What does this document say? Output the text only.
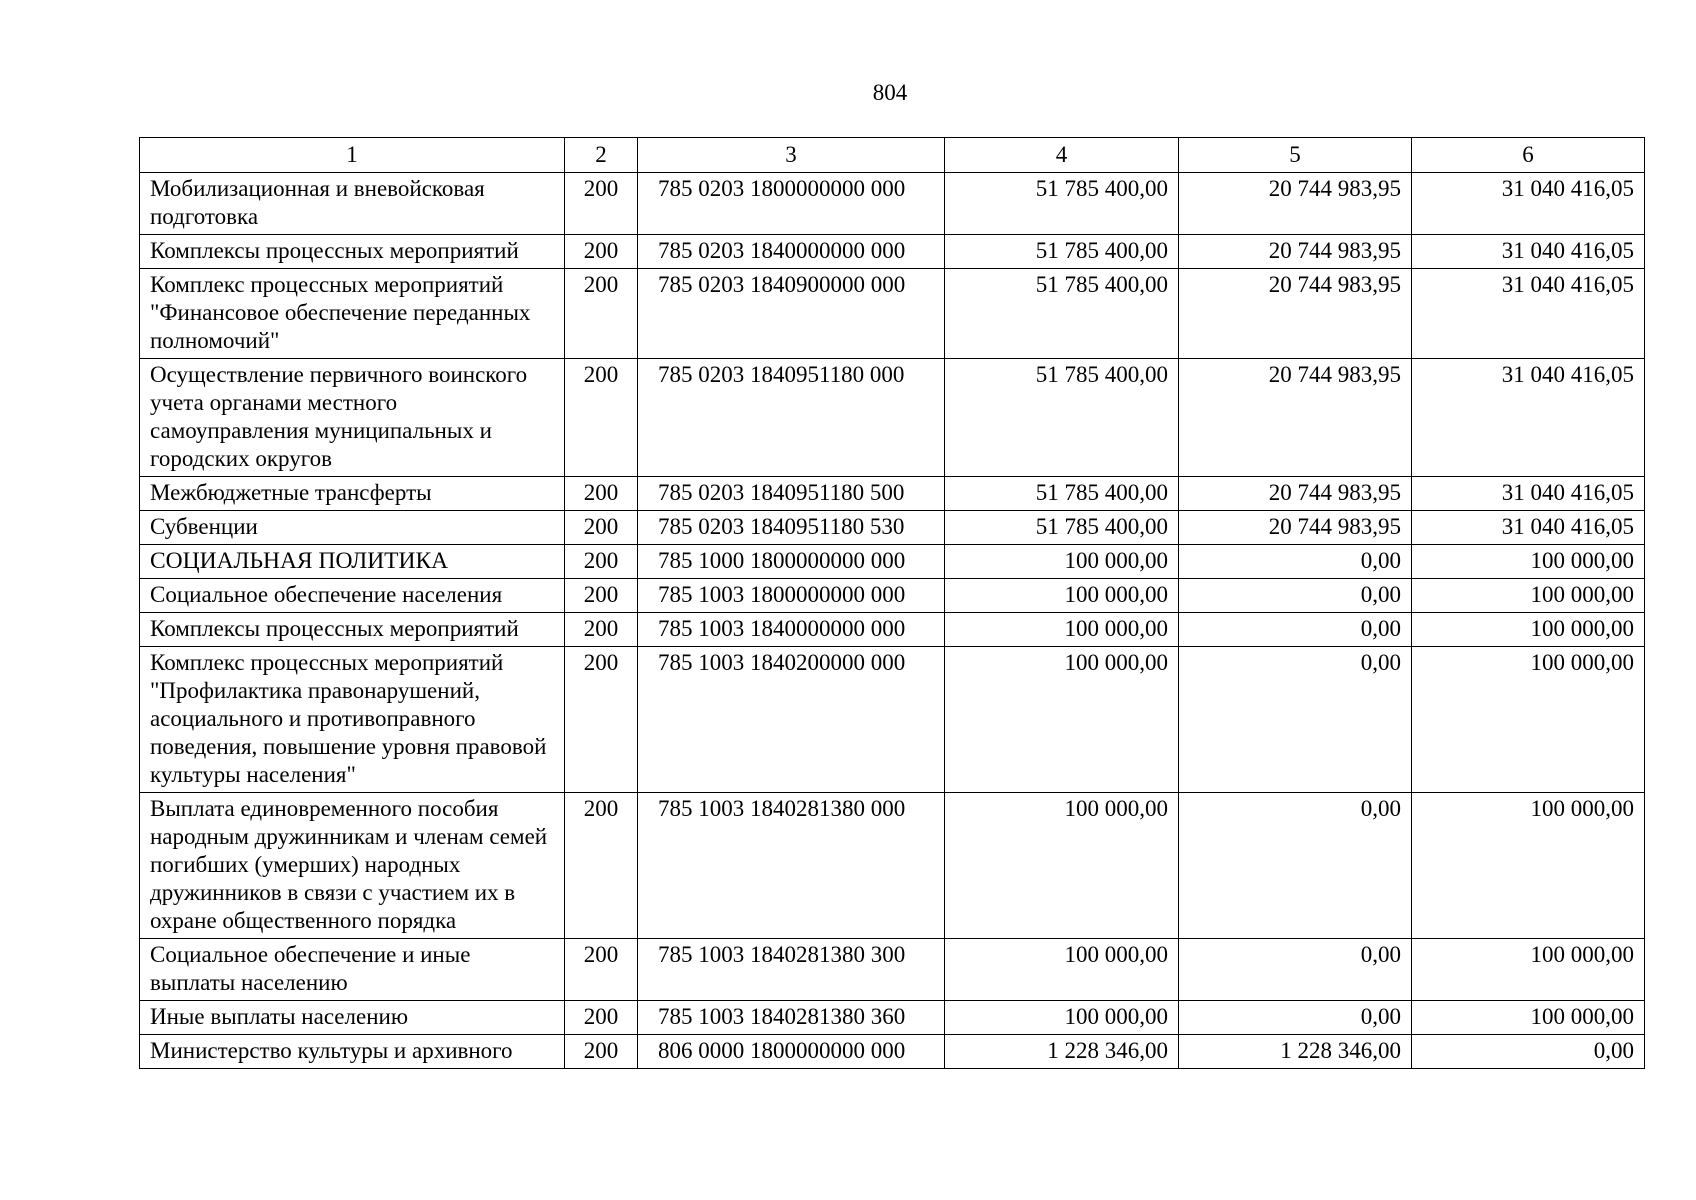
804
1	2	3	4	5	6
Мобилизационная и вневойсковая подготовка	200	785 0203 1800000000 000	51 785 400,00	20 744 983,95	31 040 416,05
Комплексы процессных мероприятий	200	785 0203 1840000000 000	51 785 400,00	20 744 983,95	31 040 416,05
Комплекс процессных мероприятий "Финансовое обеспечение переданных полномочий"	200	785 0203 1840900000 000	51 785 400,00	20 744 983,95	31 040 416,05
Осуществление первичного воинского учета органами местного самоуправления муниципальных и городских округов	200	785 0203 1840951180 000	51 785 400,00	20 744 983,95	31 040 416,05
Межбюджетные трансферты	200	785 0203 1840951180 500	51 785 400,00	20 744 983,95	31 040 416,05
Субвенции	200	785 0203 1840951180 530	51 785 400,00	20 744 983,95	31 040 416,05
СОЦИАЛЬНАЯ ПОЛИТИКА	200	785 1000 1800000000 000	100 000,00	0,00	100 000,00
Социальное обеспечение населения	200	785 1003 1800000000 000	100 000,00	0,00	100 000,00
Комплексы процессных мероприятий	200	785 1003 1840000000 000	100 000,00	0,00	100 000,00
Комплекс процессных мероприятий "Профилактика правонарушений, асоциального и противоправного поведения, повышение уровня правовой культуры населения"	200	785 1003 1840200000 000	100 000,00	0,00	100 000,00
Выплата единовременного пособия народным дружинникам и членам семей погибших (умерших) народных дружинников в связи с участием их в охране общественного порядка	200	785 1003 1840281380 000	100 000,00	0,00	100 000,00
Социальное обеспечение и иные выплаты населению	200	785 1003 1840281380 300	100 000,00	0,00	100 000,00
Иные выплаты населению	200	785 1003 1840281380 360	100 000,00	0,00	100 000,00
Министерство культуры и архивного	200	806 0000 1800000000 000	1 228 346,00	1 228 346,00	0,00
